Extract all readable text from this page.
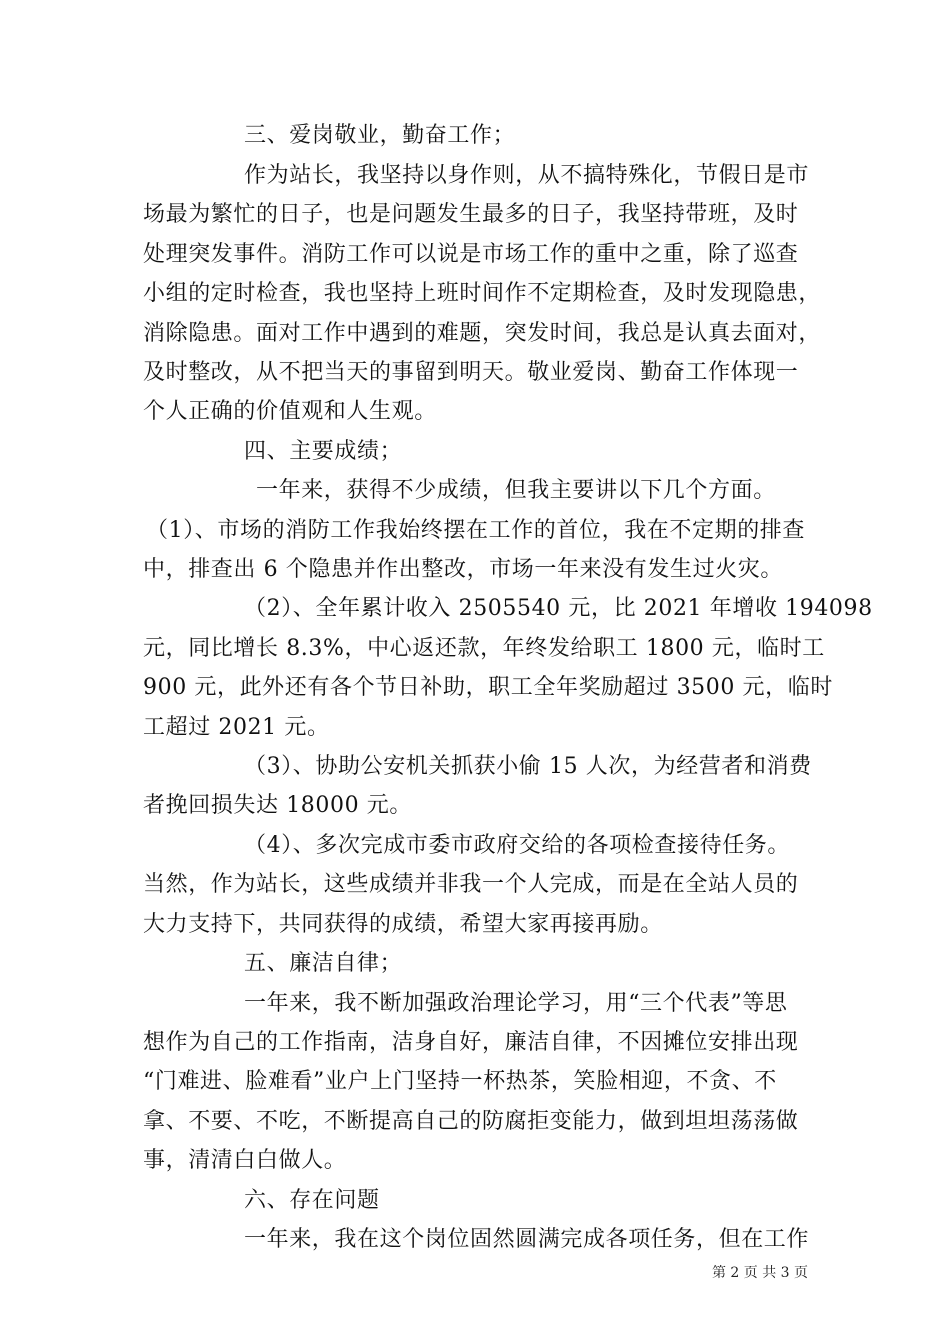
三、爱岗敬业，勤奋工作；
作为站长，我坚持以身作则，从不搞特殊化，节假日是市
场最为繁忙的日子，也是问题发生最多的日子，我坚持带班，及时
处理突发事件。消防工作可以说是市场工作的重中之重，除了巡查
小组的定时检查，我也坚持上班时间作不定期检查，及时发现隐患，
消除隐患。面对工作中遇到的难题，突发时间，我总是认真去面对，
及时整改，从不把当天的事留到明天。敬业爱岗、勤奋工作体现一
个人正确的价值观和人生观。
四、主要成绩；
一年来，获得不少成绩，但我主要讲以下几个方面。
（1）、市场的消防工作我始终摆在工作的首位，我在不定期的排查
中，排查出 6 个隐患并作出整改，市场一年来没有发生过火灾。
（2）、全年累计收入 2505540 元，比 2021 年增收 194098
元，同比增长 8.3%，中心返还款，年终发给职工 1800 元，临时工
900 元，此外还有各个节日补助，职工全年奖励超过 3500 元，临时
工超过 2021 元。
（3）、协助公安机关抓获小偷 15 人次，为经营者和消费
者挽回损失达 18000 元。
（4）、多次完成市委市政府交给的各项检查接待任务。
当然，作为站长，这些成绩并非我一个人完成，而是在全站人员的
大力支持下，共同获得的成绩，希望大家再接再励。
五、廉洁自律；
一年来，我不断加强政治理论学习，用“三个代表”等思
想作为自己的工作指南，洁身自好，廉洁自律，不因摊位安排出现
“门难进、脸难看”业户上门坚持一杯热茶，笑脸相迎，不贪、不
拿、不要、不吃，不断提高自己的防腐拒变能力，做到坦坦荡荡做
事，清清白白做人。
六、存在问题
一年来，我在这个岗位固然圆满完成各项任务，但在工作
第 2 页 共 3 页
